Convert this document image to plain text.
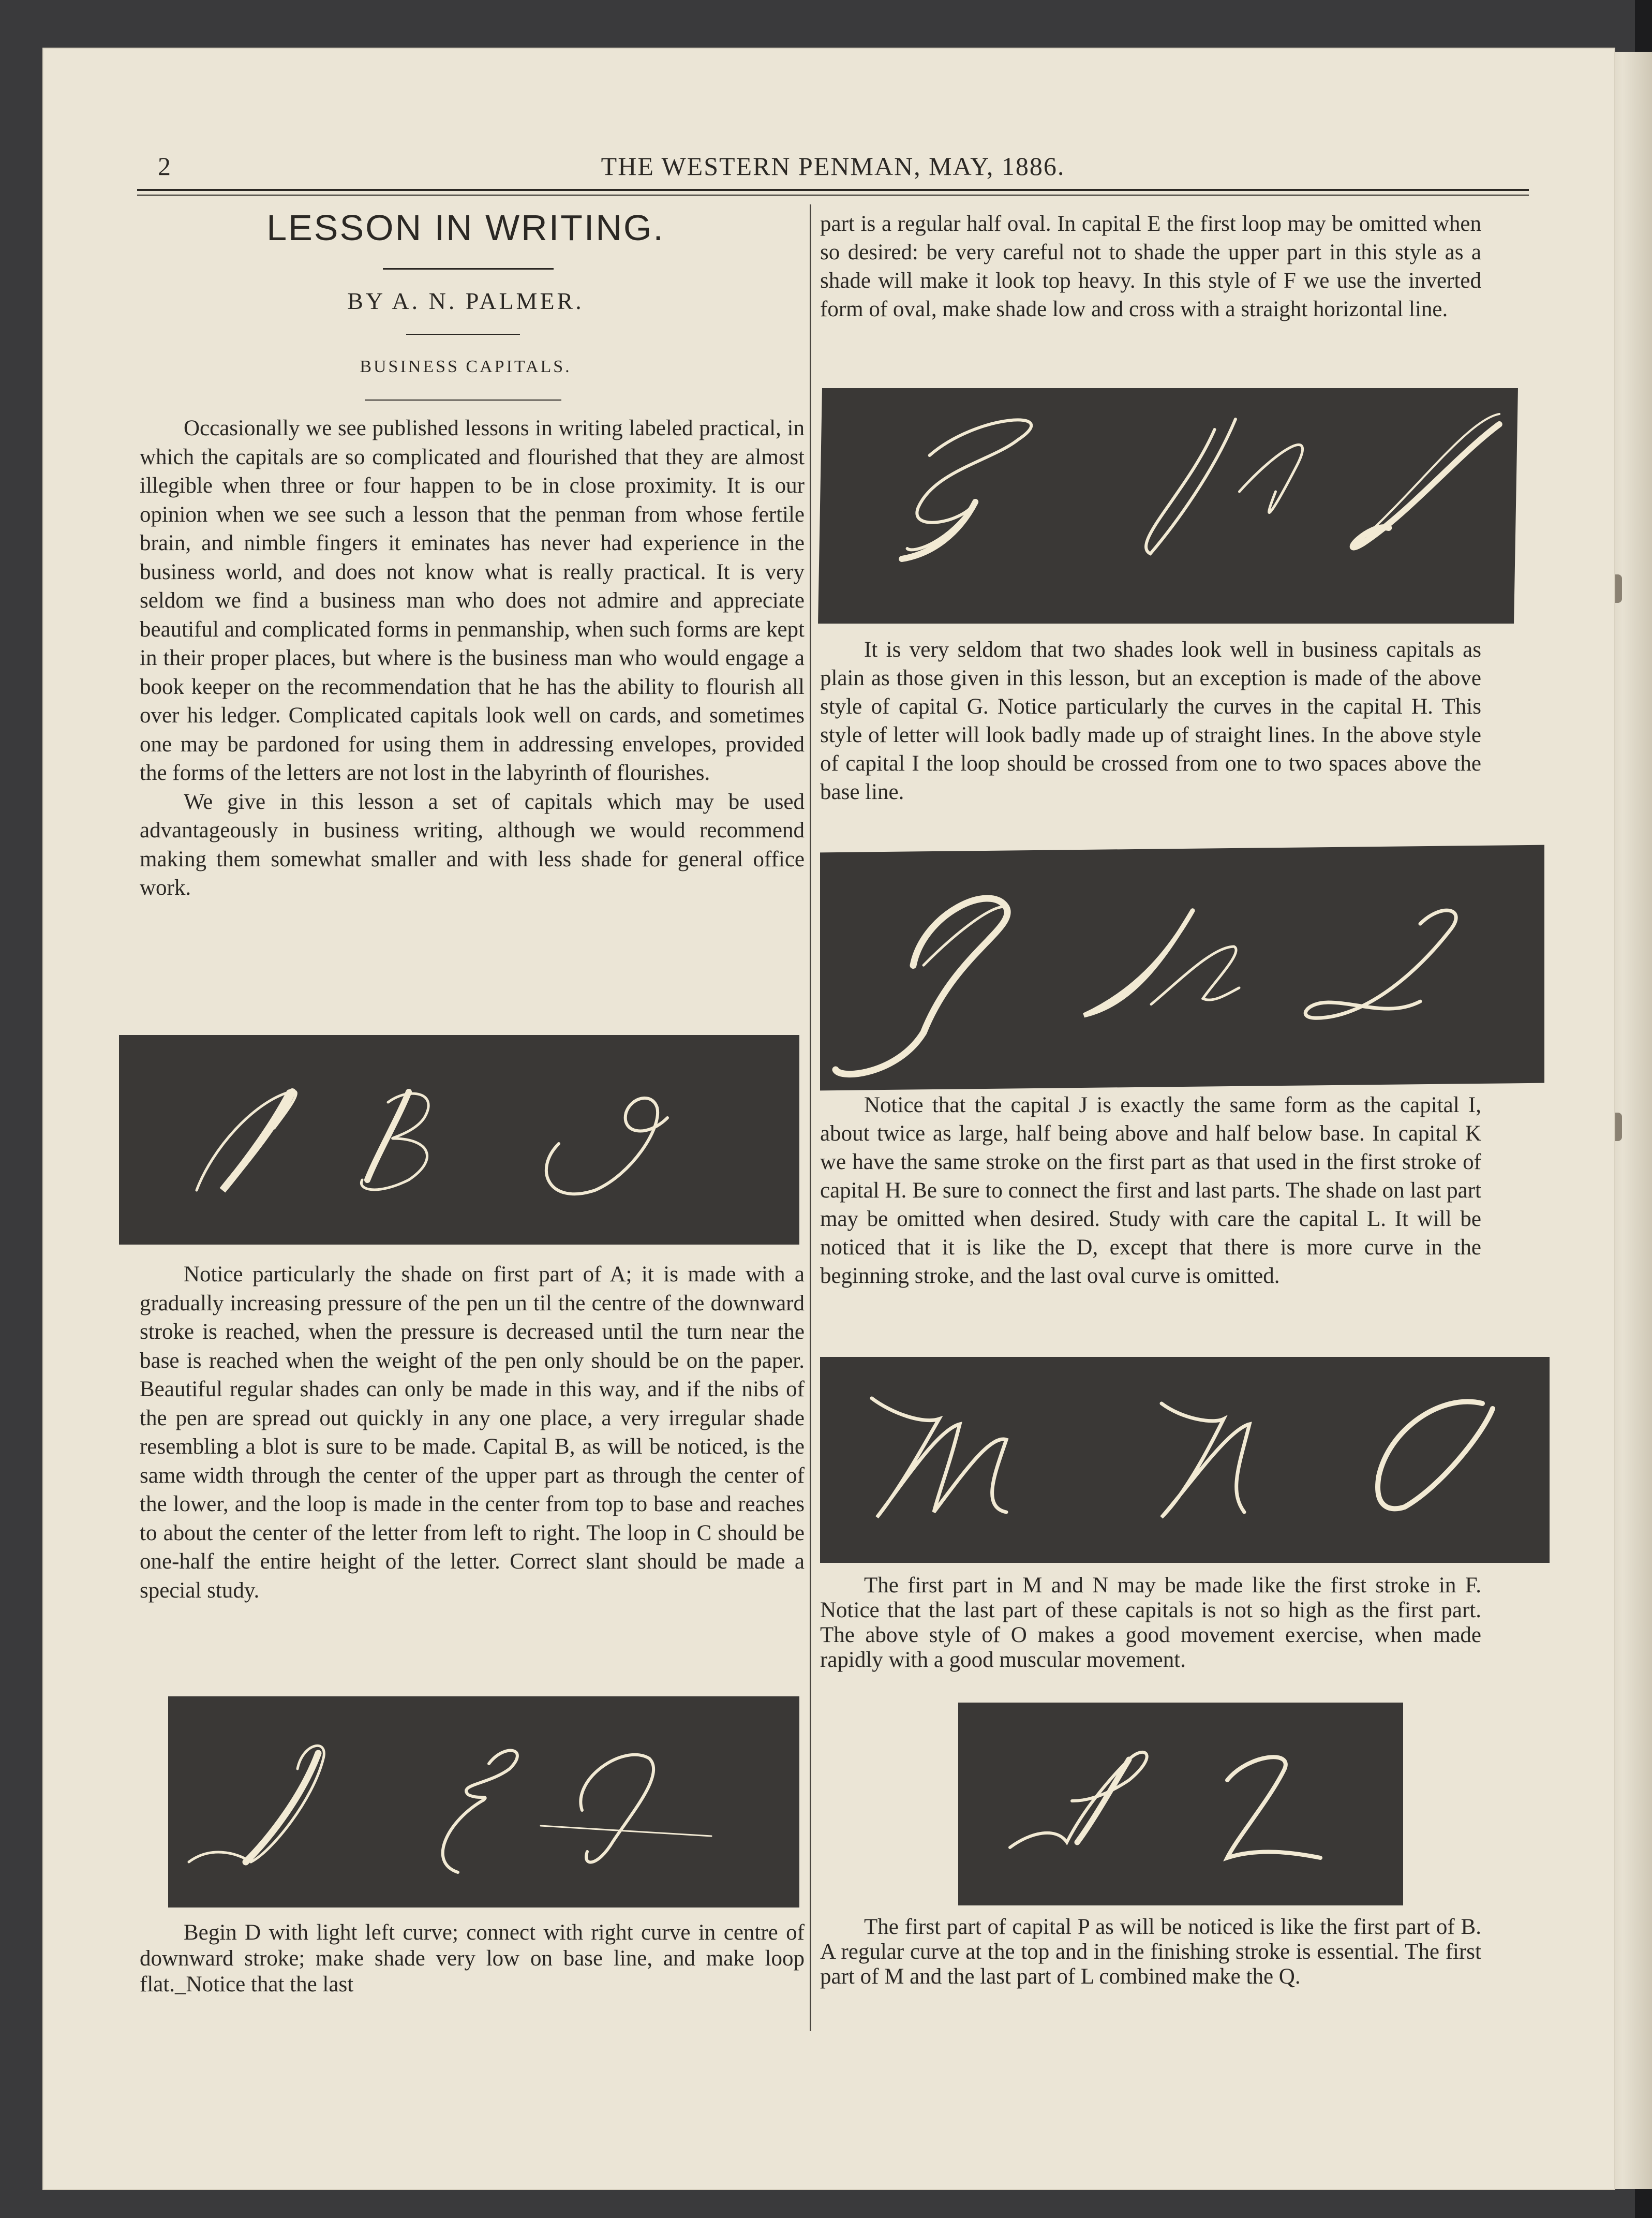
2	THE WESTERN PENMAN, MAY, 1886.
LESSON IN WRITING.
BY A. N. PALMER.
BUSINESS CAPITALS.

Occasionally we see published lessons in writing labeled practical, in which the capitals are so complicated and flourished that they are almost illegible when three or four happen to be in close proximity. It is our opinion when we see such a lesson that the penman from whose fertile brain, and nimble fingers it eminates has never had experience in the business world, and does not know what is really practical. It is very seldom we find a business man who does not admire and appreciate beautiful and complicated forms in penmanship, when such forms are kept in their proper places, but where is the business man who would engage a book keeper on the recommendation that he has the ability to flourish all over his ledger. Complicated capitals look well on cards, and sometimes one may be pardoned for using them in addressing envelopes, provided the forms of the letters are not lost in the labyrinth of flourishes.

We give in this lesson a set of capitals which may be used advantageously in business writing, although we would recommend making them somewhat smaller and with less shade for general office work.

Notice particularly the shade on first part of A; it is made with a gradually increasing pressure of the pen un til the centre of the downward stroke is reached, when the pressure is decreased until the turn near the base is reached when the weight of the pen only should be on the paper. Beautiful regular shades can only be made in this way, and if the nibs of the pen are spread out quickly in any one place, a very irregular shade resembling a blot is sure to be made. Capital B, as will be noticed, is the same width through the center of the upper part as through the center of the lower, and the loop is made in the center from top to base and reaches to about the center of the letter from left to right. The loop in C should be one-half the entire height of the letter. Correct slant should be made a special study.

Begin D with light left curve; connect with right curve in centre of downward stroke; make shade very low on base line, and make loop flat._Notice that the last

part is a regular half oval. In capital E the first loop may be omitted when so desired: be very careful not to shade the upper part in this style as a shade will make it look top heavy. In this style of F we use the inverted form of oval, make shade low and cross with a straight horizontal line.

It is very seldom that two shades look well in business capitals as plain as those given in this lesson, but an exception is made of the above style of capital G. Notice particularly the curves in the capital H. This style of letter will look badly made up of straight lines. In the above style of capital I the loop should be crossed from one to two spaces above the base line.

Notice that the capital J is exactly the same form as the capital I, about twice as large, half being above and half below base. In capital K we have the same stroke on the first part as that used in the first stroke of capital H. Be sure to connect the first and last parts. The shade on last part may be omitted when desired. Study with care the capital L. It will be noticed that it is like the D, except that there is more curve in the beginning stroke, and the last oval curve is omitted.

The first part in M and N may be made like the first stroke in F. Notice that the last part of these capitals is not so high as the first part. The above style of O makes a good movement exercise, when made rapidly with a good muscular movement.

The first part of capital P as will be noticed is like the first part of B. A regular curve at the top and in the finishing stroke is essential. The first part of M and the last part of L combined make the Q.
